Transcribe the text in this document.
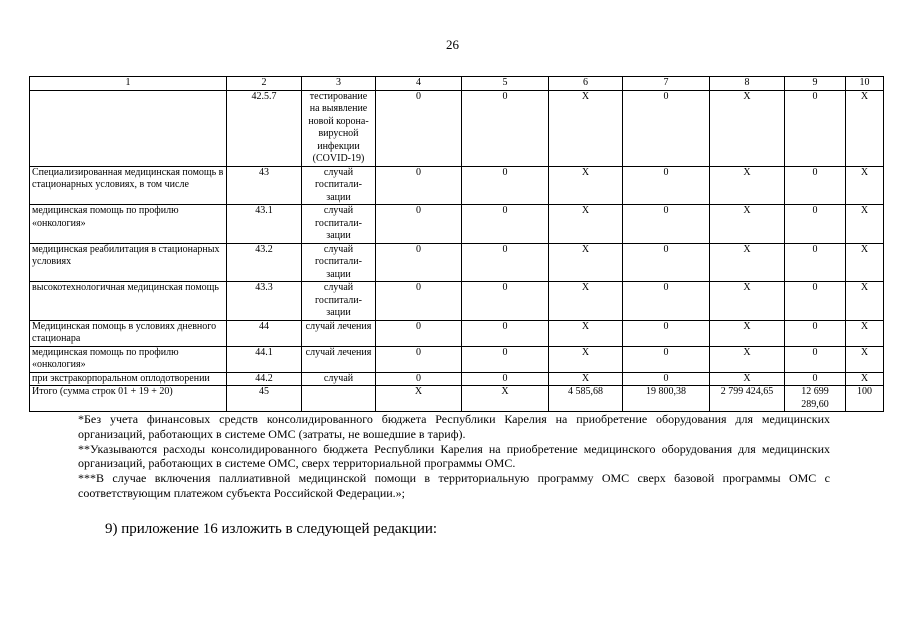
26
1	2	3	4	5	6	7	8	9	10
	42.5.7	тестирование на выявление новой корона-вирусной инфекции (COVID-19)	0	0	X	0	X	0	X
Специализированная медицинская помощь в стационарных условиях, в том числе	43	случай госпитали-зации	0	0	X	0	X	0	X
медицинская помощь по профилю «онкология»	43.1	случай госпитали-зации	0	0	X	0	X	0	X
медицинская реабилитация в стационарных условиях	43.2	случай госпитали-зации	0	0	X	0	X	0	X
высокотехнологичная медицинская помощь	43.3	случай госпитали-зации	0	0	X	0	X	0	X
Медицинская помощь в условиях дневного стационара	44	случай лечения	0	0	X	0	X	0	X
медицинская помощь по профилю «онкология»	44.1	случай лечения	0	0	X	0	X	0	X
при экстракорпоральном оплодотворении	44.2	случай	0	0	X	0	X	0	X
Итого (сумма строк 01 + 19 + 20)	45		X	X	4 585,68	19 800,38	2 799 424,65	12 699 289,60	100

*Без учета финансовых средств консолидированного бюджета Республики Карелия на приобретение оборудования для медицинских организаций, работающих в системе ОМС (затраты, не вошедшие в тариф).

**Указываются расходы консолидированного бюджета Республики Карелия на приобретение медицинского оборудования для медицинских организаций, работающих в системе ОМС, сверх территориальной программы ОМС.

***В случае включения паллиативной медицинской помощи в территориальную программу ОМС сверх базовой программы ОМС с соответствующим платежом субъекта Российской Федерации.»;

9) приложение 16 изложить в следующей редакции:
